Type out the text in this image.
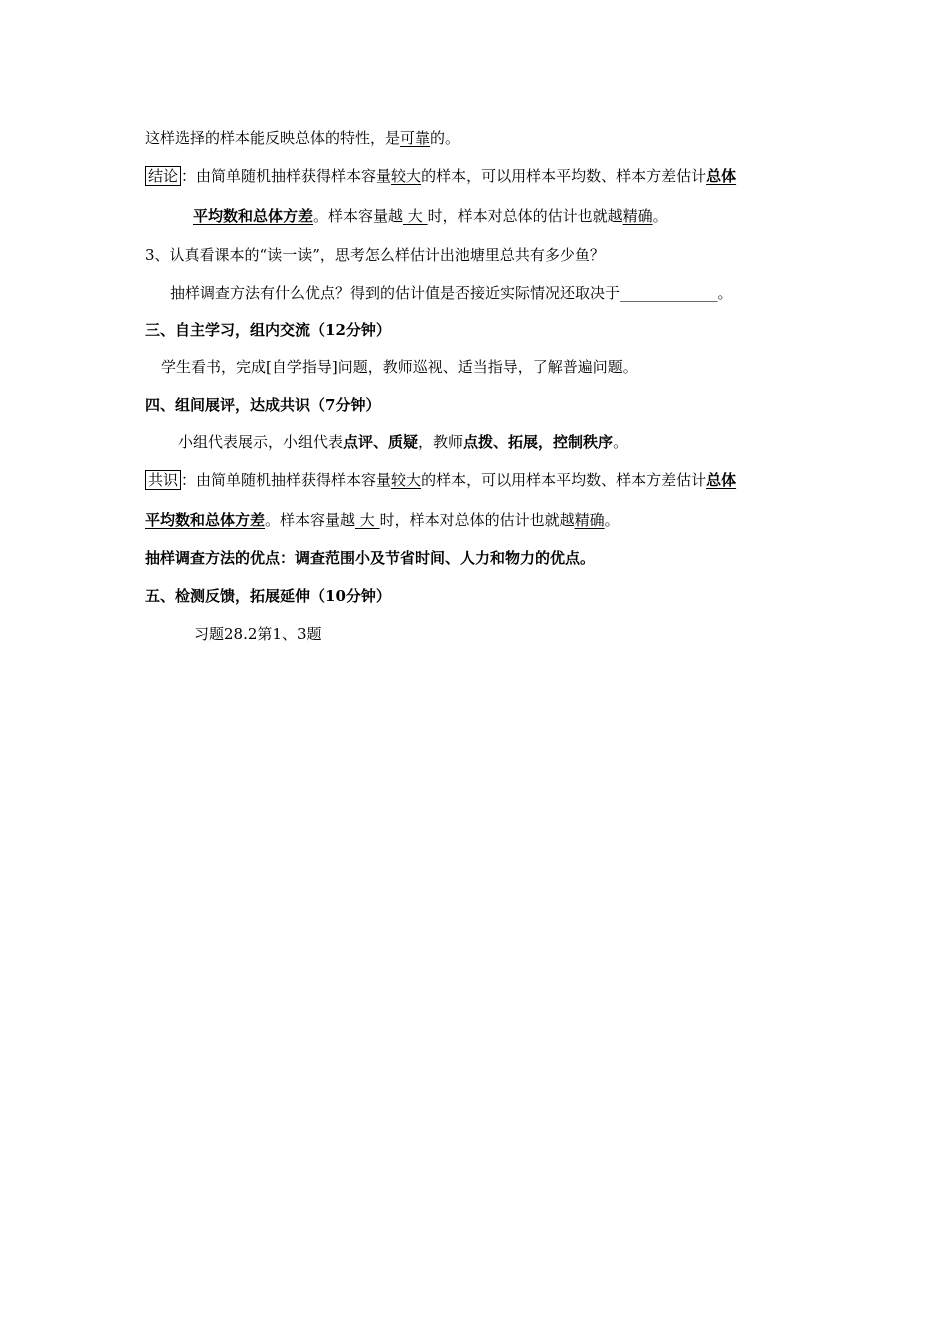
这样选择的样本能反映总体的特性，是可靠的。
结论 ：由简单随机抽样获得样本容量较大的样本，可以用样本平均数、样本方差估计总体
平均数和总体方差。样本容量越 大 时，样本对总体的估计也就越精确。
3、认真看课本的“读一读”，思考怎么样估计出池塘里总共有多少鱼？
抽样调查方法有什么优点？得到的估计值是否接近实际情况还取决于_____________。
三、自主学习，组内交流（12分钟）
学生看书，完成[自学指导]问题，教师巡视、适当指导，了解普遍问题。
四、组间展评，达成共识（7分钟）
小组代表展示，小组代表点评、质疑，教师点拨、拓展，控制秩序。
共识 ：由简单随机抽样获得样本容量较大的样本，可以用样本平均数、样本方差估计总体
平均数和总体方差。样本容量越 大 时，样本对总体的估计也就越精确。
抽样调查方法的优点：调查范围小及节省时间、人力和物力的优点。
五、检测反馈，拓展延伸（10分钟）
习题28.2第1、3题
